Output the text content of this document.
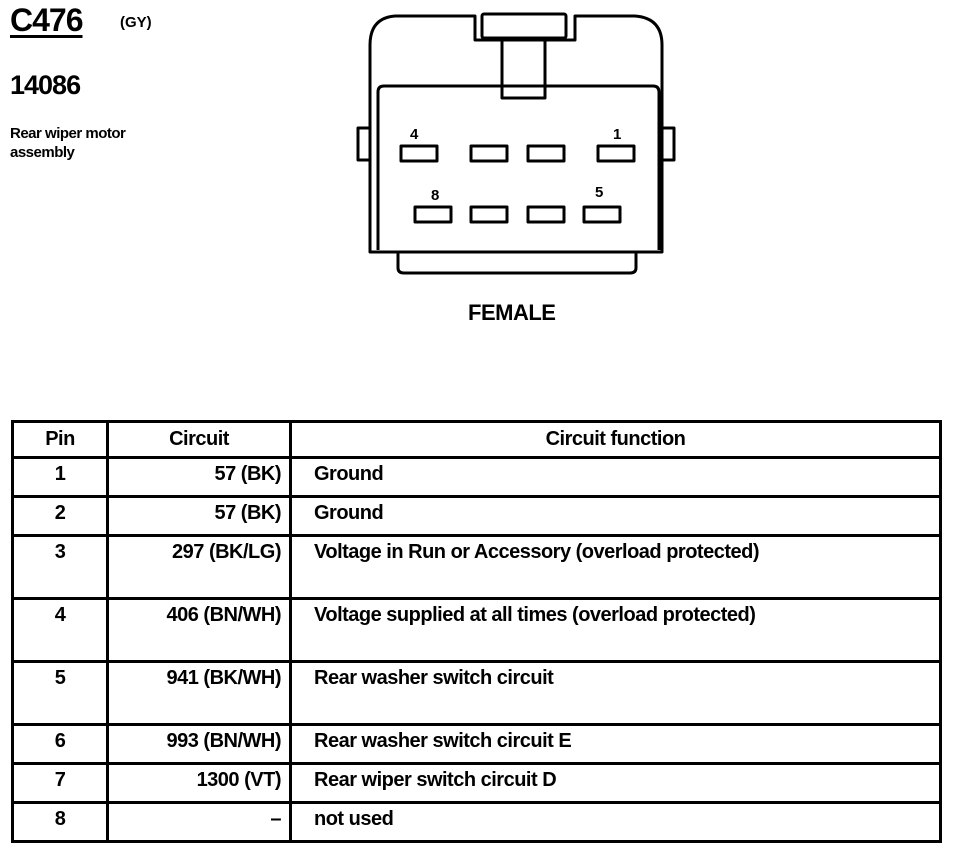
C476	(GY)
14086
Rear wiper motor assembly
4	1
8	5
FEMALE
Pin	Circuit	Circuit function
1	57 (BK)	Ground
2	57 (BK)	Ground
3	297 (BK/LG)	Voltage in Run or Accessory (overload protected)
4	406 (BN/WH)	Voltage supplied at all times (overload protected)
5	941 (BK/WH)	Rear washer switch circuit
6	993 (BN/WH)	Rear washer switch circuit E
7	1300 (VT)	Rear wiper switch circuit D
8	–	not used
